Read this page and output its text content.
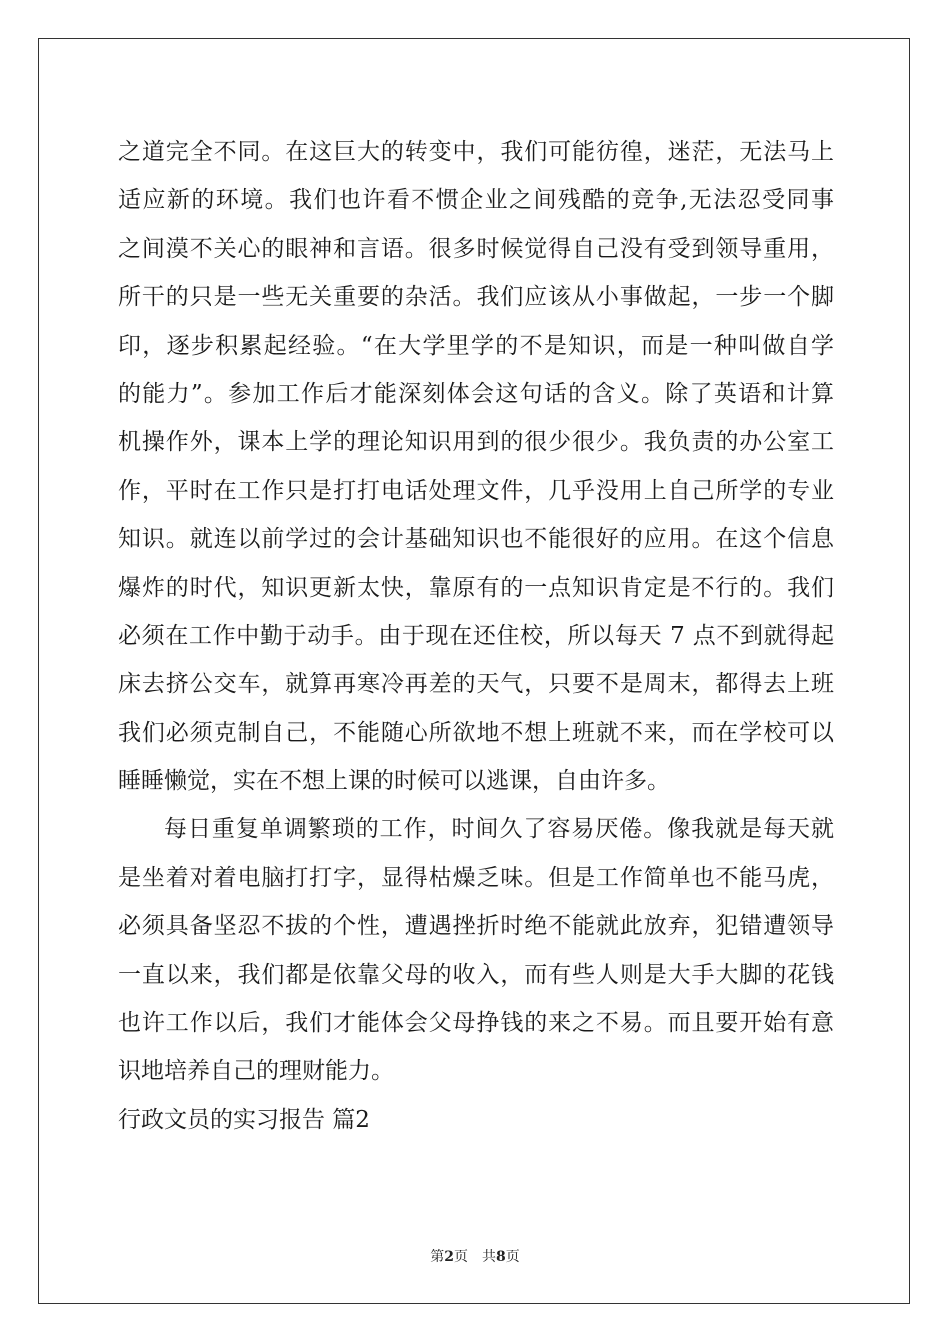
之道完全不同。在这巨大的转变中，我们可能彷徨，迷茫，无法马上
适应新的环境。我们也许看不惯企业之间残酷的竞争,无法忍受同事
之间漠不关心的眼神和言语。很多时候觉得自己没有受到领导重用，
所干的只是一些无关重要的杂活。我们应该从小事做起，一步一个脚
印，逐步积累起经验。“在大学里学的不是知识，而是一种叫做自学
的能力”。参加工作后才能深刻体会这句话的含义。除了英语和计算
机操作外，课本上学的理论知识用到的很少很少。我负责的办公室工
作，平时在工作只是打打电话处理文件，几乎没用上自己所学的专业
知识。就连以前学过的会计基础知识也不能很好的应用。在这个信息
爆炸的时代，知识更新太快，靠原有的一点知识肯定是不行的。我们
必须在工作中勤于动手。由于现在还住校，所以每天 7 点不到就得起
床去挤公交车，就算再寒冷再差的天气，只要不是周末，都得去上班
我们必须克制自己，不能随心所欲地不想上班就不来，而在学校可以
睡睡懒觉，实在不想上课的时候可以逃课，自由许多。
每日重复单调繁琐的工作，时间久了容易厌倦。像我就是每天就
是坐着对着电脑打打字，显得枯燥乏味。但是工作简单也不能马虎，
必须具备坚忍不拔的个性，遭遇挫折时绝不能就此放弃，犯错遭领导
一直以来，我们都是依靠父母的收入，而有些人则是大手大脚的花钱
也许工作以后，我们才能体会父母挣钱的来之不易。而且要开始有意
识地培养自己的理财能力。
行政文员的实习报告 篇2
第2页　共8页
